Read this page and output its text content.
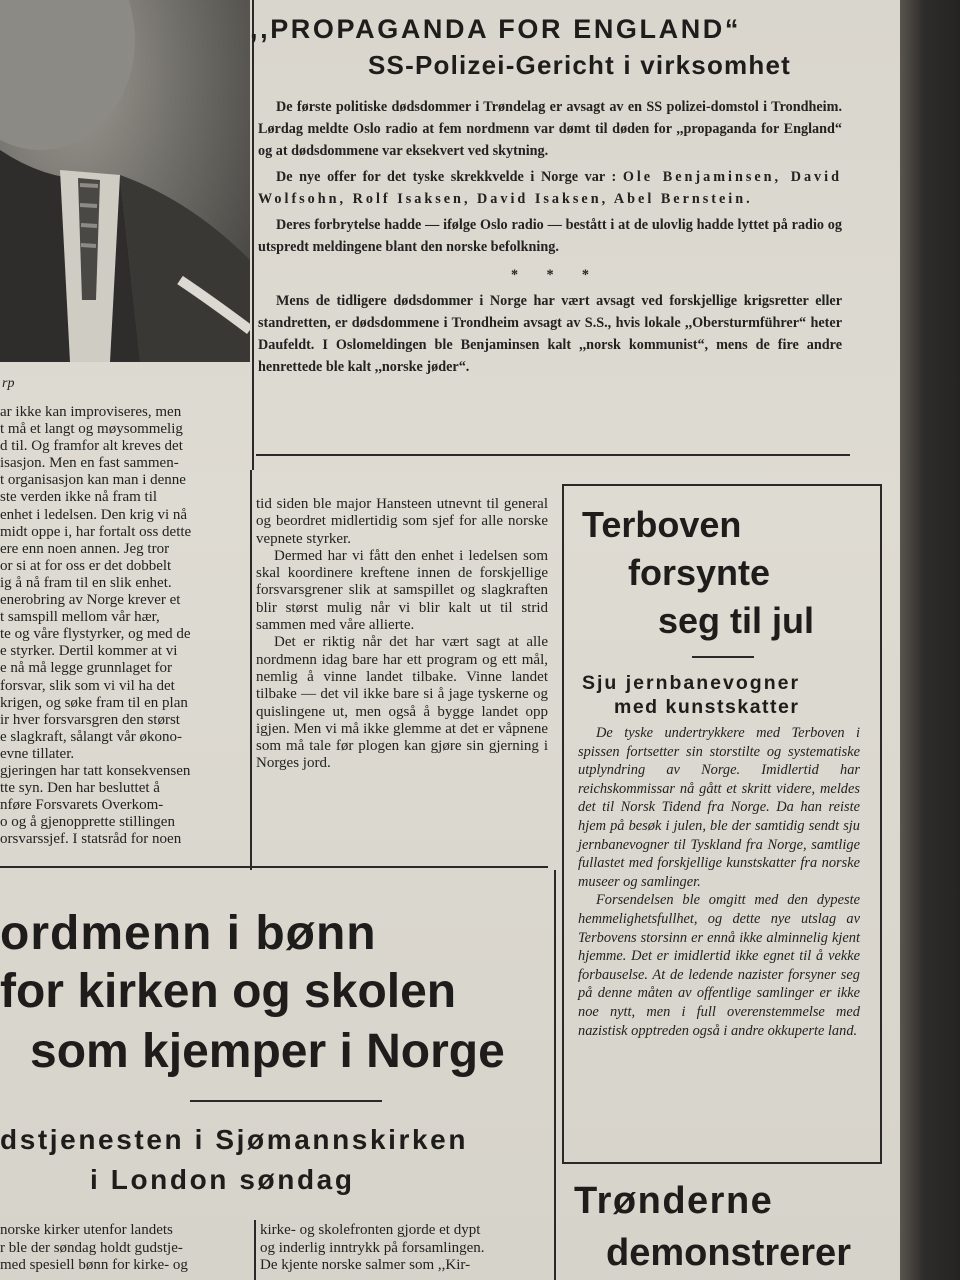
rp
,,PROPAGANDA FOR ENGLAND“
SS-Polizei-Gericht i virksomhet

De første politiske dødsdommer i Trøndelag er avsagt av en SS polizei-domstol i Trondheim. Lørdag meldte Oslo radio at fem nordmenn var dømt til døden for ,,propaganda for England“ og at dødsdommene var eksekvert ved skytning.

De nye offer for det tyske skrekkvelde i Norge var : Ole Benjaminsen, David Wolfsohn, Rolf Isaksen, David Isaksen, Abel Bernstein.

Deres forbrytelse hadde — ifølge Oslo radio — bestått i at de ulovlig hadde lyttet på radio og utspredt meldingene blant den norske befolkning.

*        *        *

Mens de tidligere dødsdommer i Norge har vært avsagt ved forskjellige krigsretter eller standretten, er dødsdommene i Trondheim avsagt av S.S., hvis lokale ,,Obersturmführer“ heter Daufeldt. I Oslomeldingen ble Benjaminsen kalt ,,norsk kommunist“, mens de fire andre henrettede ble kalt ,,norske jøder“.

ar ikke kan improviseres, men
t må et langt og møysommelig
d til. Og framfor alt kreves det
isasjon. Men en fast sammen-
t organisasjon kan man i denne
ste verden ikke nå fram til
enhet i ledelsen. Den krig vi nå
midt oppe i, har fortalt oss dette
ere enn noen annen. Jeg tror
or si at for oss er det dobbelt
ig å nå fram til en slik enhet.
enerobring av Norge krever et
t samspill mellom vår hær,
te og våre flystyrker, og med de
e styrker. Dertil kommer at vi
e nå må legge grunnlaget for
forsvar, slik som vi vil ha det
krigen, og søke fram til en plan
ir hver forsvarsgren den størst
e slagkraft, sålangt vår økono-
evne tillater.
gjeringen har tatt konsekvensen
tte syn. Den har besluttet å
nføre Forsvarets Overkom-
o og å gjenopprette stillingen
orsvarssjef. I statsråd for noen

tid siden ble major Hansteen utnevnt til general og beordret midlertidig som sjef for alle norske vepnete styrker.

Dermed har vi fått den enhet i ledelsen som skal koordinere kreftene innen de forskjellige forsvarsgrener slik at samspillet og slagkraften blir størst mulig når vi blir kalt ut til strid sammen med våre allierte.

Det er riktig når det har vært sagt at alle nordmenn idag bare har ett program og ett mål, nemlig å vinne landet tilbake. Vinne landet tilbake — det vil ikke bare si å jage tyskerne og quislingene ut, men også å bygge landet opp igjen. Men vi må ikke glemme at det er våpnene som må tale før plogen kan gjøre sin gjerning i Norges jord.

Terboven
forsynte
seg til jul
Sju jernbanevogner
med kunstskatter

De tyske undertrykkere med Terboven i spissen fortsetter sin storstilte og systematiske utplyndring av Norge. Imidlertid har reichskommissar nå gått et skritt videre, meldes det til Norsk Tidend fra Norge. Da han reiste hjem på besøk i julen, ble der samtidig sendt sju jernbanevogner til Tyskland fra Norge, samtlige fullastet med forskjellige kunstskatter fra norske museer og samlinger.

Forsendelsen ble omgitt med den dypeste hemmelighetsfullhet, og dette nye utslag av Terbovens storsinn er ennå ikke alminnelig kjent hjemme. Det er imidlertid ikke egnet til å vekke forbauselse. At de ledende nazister forsyner seg på denne måten av offentlige samlinger er ikke noe nytt, men i full overenstemmelse med nazistisk opptreden også i andre okkuperte land.

ordmenn i bønn
for kirken og skolen
som kjemper i Norge
dstjenesten i Sjømannskirken
i London søndag
norske kirker utenfor landets
r ble der søndag holdt gudstje-
med spesiell bønn for kirke- og
kirke- og skolefronten gjorde et dypt
og inderlig inntrykk på forsamlingen.
De kjente norske salmer som ,,Kir-
Trønderne
demonstrerer
